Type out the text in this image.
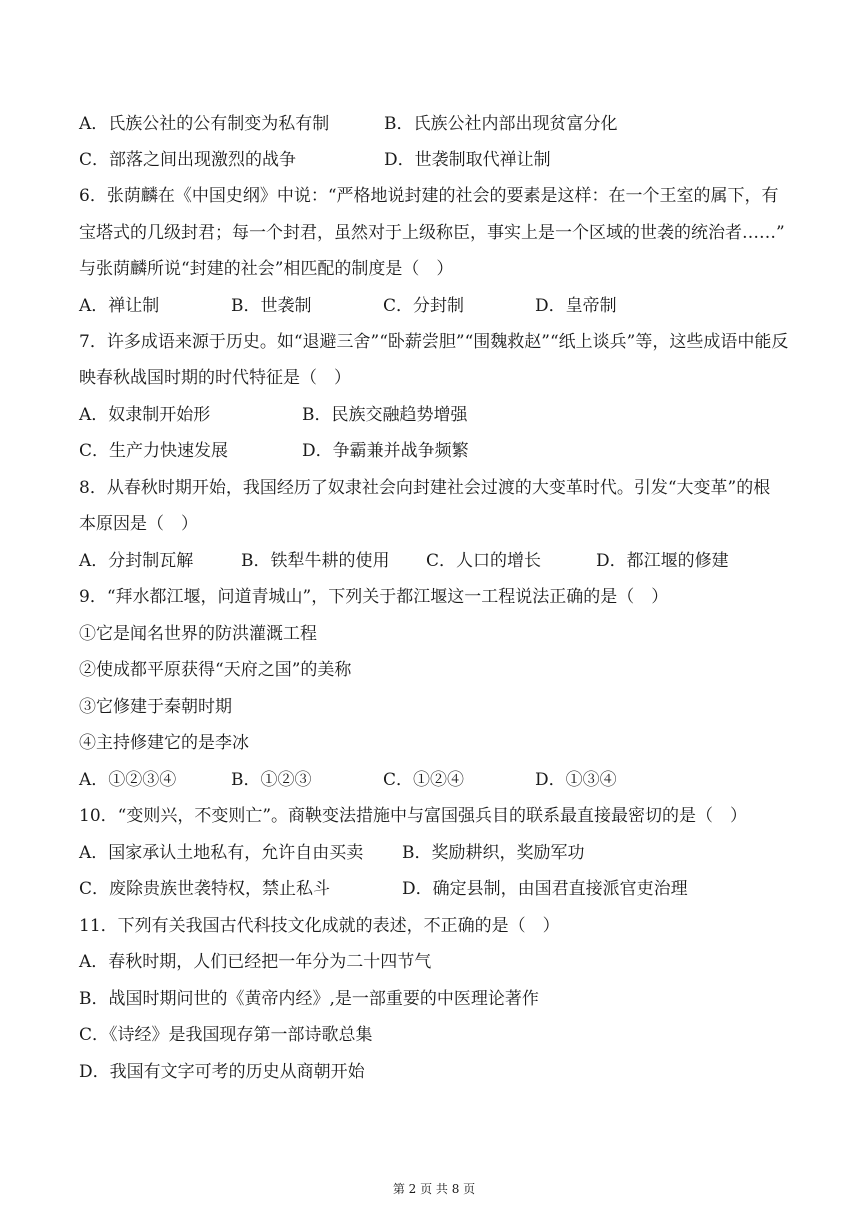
A．氏族公社的公有制变为私有制	B．氏族公社内部出现贫富分化
C．部落之间出现激烈的战争	D．世袭制取代禅让制
6．张荫麟在《中国史纲》中说：“严格地说封建的社会的要素是这样：在一个王室的属下，有
宝塔式的几级封君；每一个封君，虽然对于上级称臣，事实上是一个区域的世袭的统治者……”
与张荫麟所说“封建的社会”相匹配的制度是（　）
A．禅让制	B．世袭制	C．分封制	D．皇帝制
7．许多成语来源于历史。如“退避三舍”“卧薪尝胆”“围魏救赵”“纸上谈兵”等，这些成语中能反
映春秋战国时期的时代特征是（　）
A．奴隶制开始形	B．民族交融趋势增强
C．生产力快速发展	D．争霸兼并战争频繁
8．从春秋时期开始，我国经历了奴隶社会向封建社会过渡的大变革时代。引发“大变革”的根
本原因是（　）
A．分封制瓦解	B．铁犁牛耕的使用 C．人口的增长	D．都江堰的修建
9．“拜水都江堰，问道青城山”，下列关于都江堰这一工程说法正确的是（　）
①它是闻名世界的防洪灌溉工程
②使成都平原获得“天府之国”的美称
③它修建于秦朝时期
④主持修建它的是李冰
A．①②③④	B．①②③	C．①②④	D．①③④
10．“变则兴，不变则亡”。商鞅变法措施中与富国强兵目的联系最直接最密切的是（　）
A．国家承认土地私有，允许自由买卖 B．奖励耕织，奖励军功
C．废除贵族世袭特权，禁止私斗	D．确定县制，由国君直接派官吏治理
11．下列有关我国古代科技文化成就的表述，不正确的是（　）
A．春秋时期，人们已经把一年分为二十四节气
B．战国时期问世的《黄帝内经》,是一部重要的中医理论著作
C．《诗经》是我国现存第一部诗歌总集
D．我国有文字可考的历史从商朝开始
第 2 页 共 8 页
